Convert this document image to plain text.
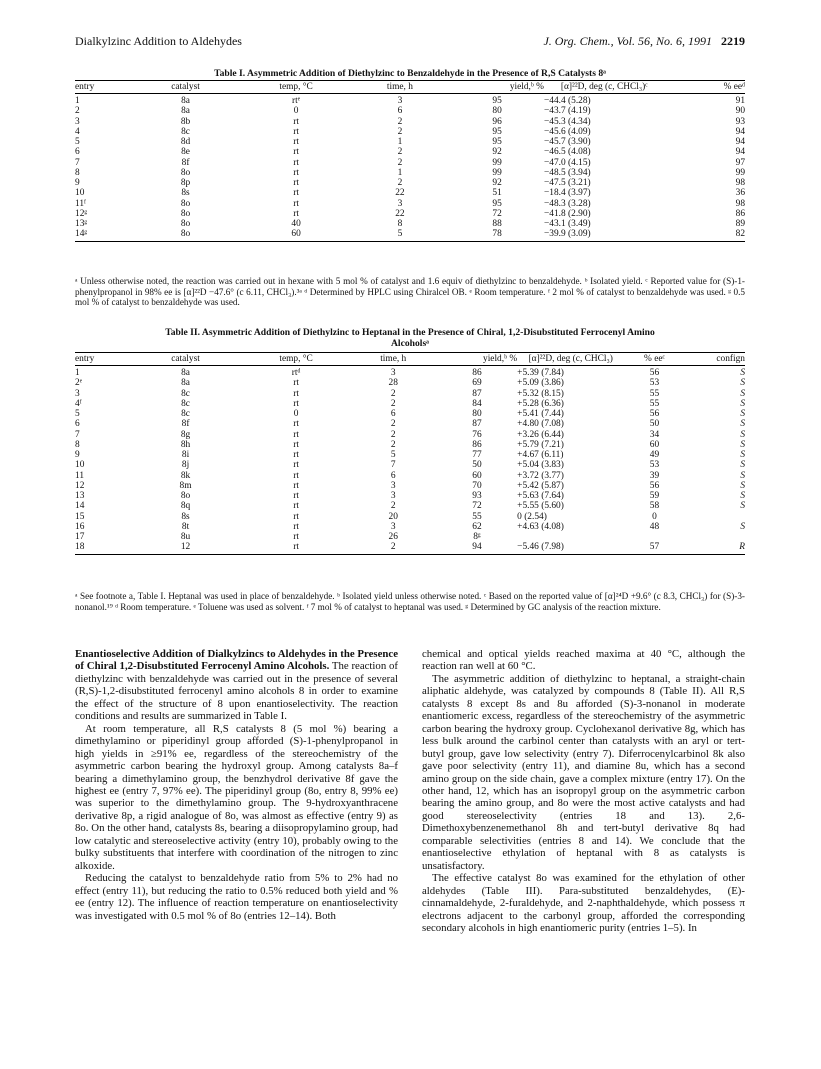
Dialkylzinc Addition to Aldehydes	J. Org. Chem., Vol. 56, No. 6, 1991 2219
Table I. Asymmetric Addition of Diethylzinc to Benzaldehyde in the Presence of R,S Catalysts 8ᵃ
entry	catalyst	temp, °C	time, h	yield,ᵇ %	[α]²²D, deg (c, CHCl₃)ᶜ	% eeᵈ
1	8a	rtᵉ	3	95	−44.4 (5.28)	91
2	8a	0	6	80	−43.7 (4.19)	90
3	8b	rt	2	96	−45.3 (4.34)	93
4	8c	rt	2	95	−45.6 (4.09)	94
5	8d	rt	1	95	−45.7 (3.90)	94
6	8e	rt	2	92	−46.5 (4.08)	94
7	8f	rt	2	99	−47.0 (4.15)	97
8	8o	rt	1	99	−48.5 (3.94)	99
9	8p	rt	2	92	−47.5 (3.21)	98
10	8s	rt	22	51	−18.4 (3.97)	36
11ᶠ	8o	rt	3	95	−48.3 (3.28)	98
12ᵍ	8o	rt	22	72	−41.8 (2.90)	86
13ᵍ	8o	40	8	88	−43.1 (3.49)	89
14ᵍ	8o	60	5	78	−39.9 (3.09)	82
ᵃ Unless otherwise noted, the reaction was carried out in hexane with 5 mol % of catalyst and 1.6 equiv of diethylzinc to benzaldehyde. ᵇ Isolated yield. ᶜ Reported value for (S)-1-phenylpropanol in 98% ee is [α]²²D −47.6° (c 6.11, CHCl₃).³ᵃ ᵈ Determined by HPLC using Chiralcel OB. ᵉ Room temperature. ᶠ 2 mol % of catalyst to benzaldehyde was used. ᵍ 0.5 mol % of catalyst to benzaldehyde was used.
Table II. Asymmetric Addition of Diethylzinc to Heptanal in the Presence of Chiral, 1,2-Disubstituted Ferrocenyl Amino
Alcoholsᵃ
entry	catalyst	temp, °C	time, h	yield,ᵇ %	[α]²²D, deg (c, CHCl₃)	% eeᶜ	confign
1	8a	rtᵈ	3	86	+5.39 (7.84)	56	S
2ᵉ	8a	rt	28	69	+5.09 (3.86)	53	S
3	8c	rt	2	87	+5.32 (8.15)	55	S
4ᶠ	8c	rt	2	84	+5.28 (6.36)	55	S
5	8c	0	6	80	+5.41 (7.44)	56	S
6	8f	rt	2	87	+4.80 (7.08)	50	S
7	8g	rt	2	76	+3.26 (6.44)	34	S
8	8h	rt	2	86	+5.79 (7.21)	60	S
9	8i	rt	5	77	+4.67 (6.11)	49	S
10	8j	rt	7	50	+5.04 (3.83)	53	S
11	8k	rt	6	60	+3.72 (3.77)	39	S
12	8m	rt	3	70	+5.42 (5.87)	56	S
13	8o	rt	3	93	+5.63 (7.64)	59	S
14	8q	rt	2	72	+5.55 (5.60)	58	S
15	8s	rt	20	55	0 (2.54)	0	
16	8t	rt	3	62	+4.63 (4.08)	48	S
17	8u	rt	26	8ᵍ			
18	12	rt	2	94	−5.46 (7.98)	57	R
ᵃ See footnote a, Table I. Heptanal was used in place of benzaldehyde. ᵇ Isolated yield unless otherwise noted. ᶜ Based on the reported value of [α]²⁴D +9.6° (c 8.3, CHCl₃) for (S)-3-nonanol.¹⁹ ᵈ Room temperature. ᵉ Toluene was used as solvent. ᶠ 7 mol % of catalyst to heptanal was used. ᵍ Determined by GC analysis of the reaction mixture.

Enantioselective Addition of Dialkylzincs to Aldehydes in the Presence of Chiral 1,2-Disubstituted Ferrocenyl Amino Alcohols. The reaction of diethylzinc with benzaldehyde was carried out in the presence of several (R,S)-1,2-disubstituted ferrocenyl amino alcohols 8 in order to examine the effect of the structure of 8 upon enantioselectivity. The reaction conditions and results are summarized in Table I.

At room temperature, all R,S catalysts 8 (5 mol %) bearing a dimethylamino or piperidinyl group afforded (S)-1-phenylpropanol in high yields in ≥91% ee, regardless of the stereochemistry of the asymmetric carbon bearing the hydroxyl group. Among catalysts 8a–f bearing a dimethylamino group, the benzhydrol derivative 8f gave the highest ee (entry 7, 97% ee). The piperidinyl group (8o, entry 8, 99% ee) was superior to the dimethylamino group. The 9-hydroxyanthracene derivative 8p, a rigid analogue of 8o, was almost as effective (entry 9) as 8o. On the other hand, catalysts 8s, bearing a diisopropylamino group, had low catalytic and stereoselective activity (entry 10), probably owing to the bulky substituents that interfere with coordination of the nitrogen to zinc alkoxide.

Reducing the catalyst to benzaldehyde ratio from 5% to 2% had no effect (entry 11), but reducing the ratio to 0.5% reduced both yield and % ee (entry 12). The influence of reaction temperature on enantioselectivity was investigated with 0.5 mol % of 8o (entries 12–14). Both

chemical and optical yields reached maxima at 40 °C, although the reaction ran well at 60 °C.

The asymmetric addition of diethylzinc to heptanal, a straight-chain aliphatic aldehyde, was catalyzed by compounds 8 (Table II). All R,S catalysts 8 except 8s and 8u afforded (S)-3-nonanol in moderate enantiomeric excess, regardless of the stereochemistry of the asymmetric carbon bearing the hydroxy group. Cyclohexanol derivative 8g, which has less bulk around the carbinol center than catalysts with an aryl or tert-butyl group, gave low selectivity (entry 7). Diferrocenylcarbinol 8k also gave poor selectivity (entry 11), and diamine 8u, which has a second amino group on the side chain, gave a complex mixture (entry 17). On the other hand, 12, which has an isopropyl group on the asymmetric carbon bearing the amino group, and 8o were the most active catalysts and had good stereoselectivity (entries 18 and 13). 2,6-Dimethoxybenzenemethanol 8h and tert-butyl derivative 8q had comparable selectivities (entries 8 and 14). We conclude that the enantioselective ethylation of heptanal with 8 as catalysts is unsatisfactory.

The effective catalyst 8o was examined for the ethylation of other aldehydes (Table III). Para-substituted benzaldehydes, (E)-cinnamaldehyde, 2-furaldehyde, and 2-naphthaldehyde, which possess π electrons adjacent to the carbonyl group, afforded the corresponding secondary alcohols in high enantiomeric purity (entries 1–5). In
